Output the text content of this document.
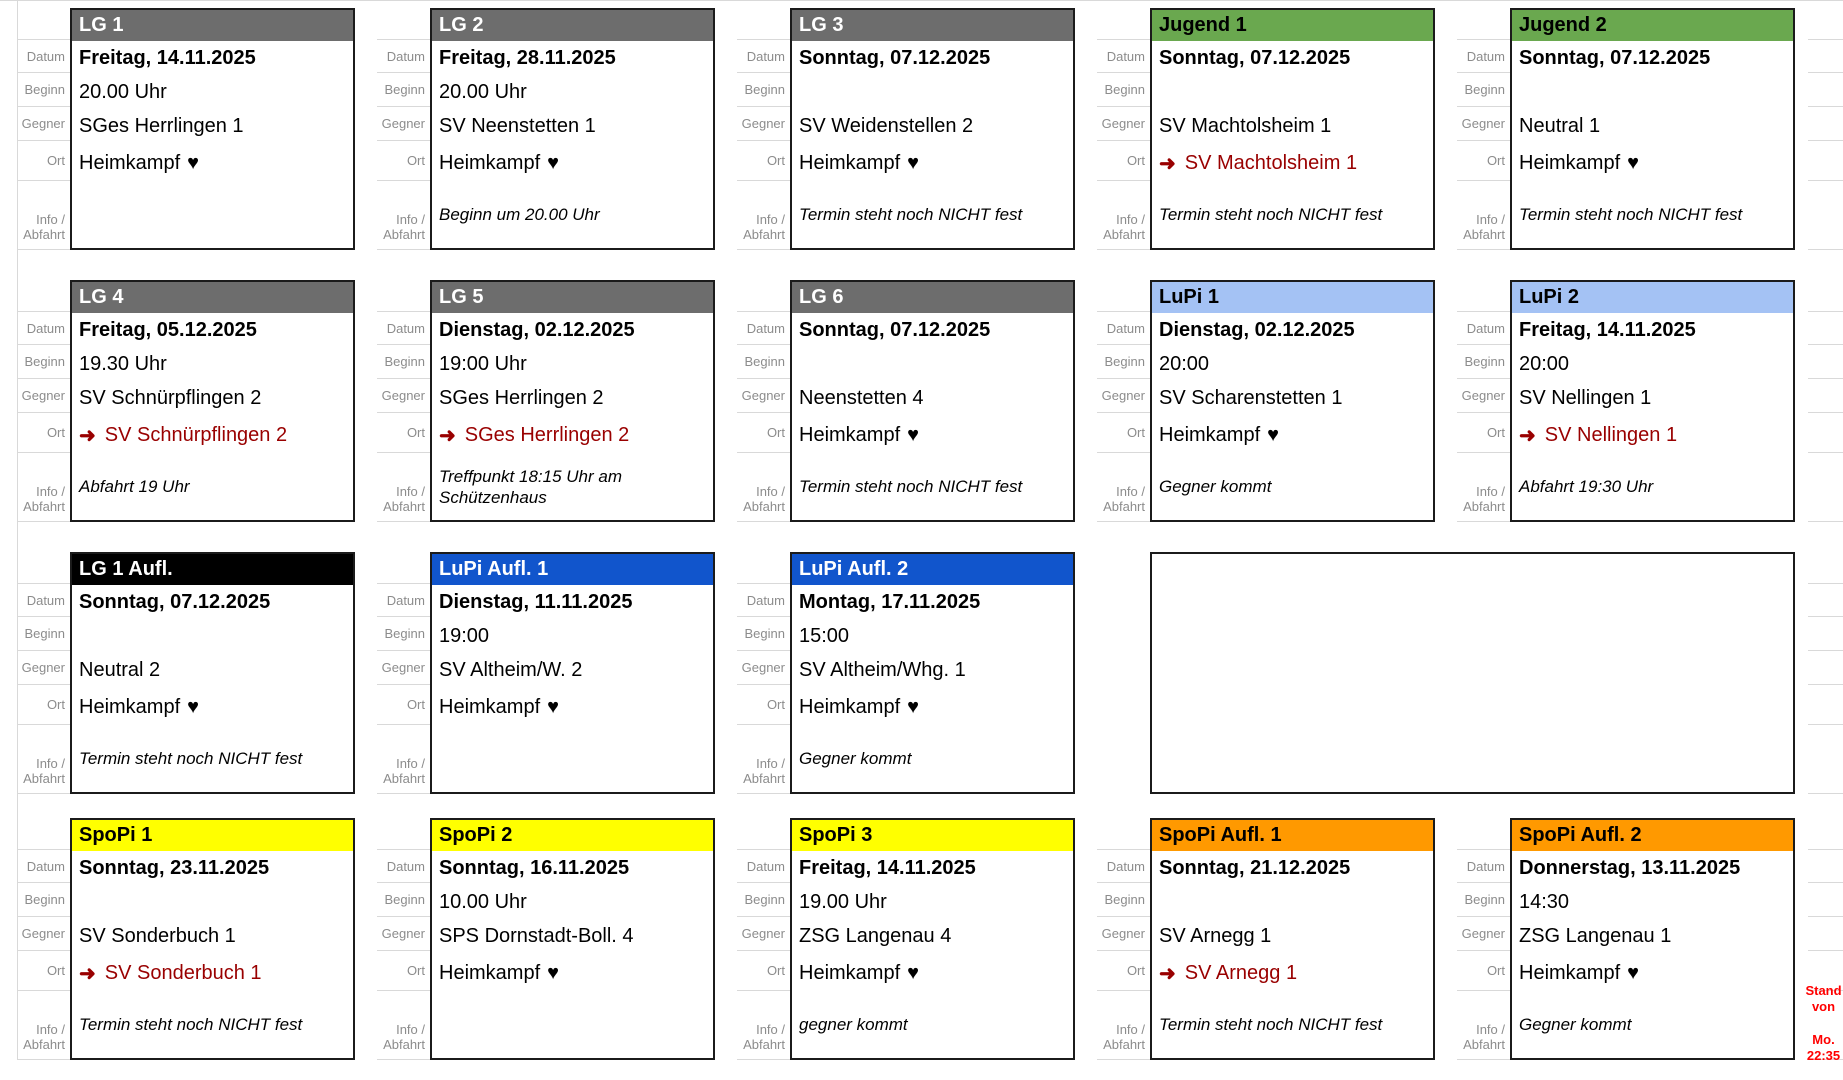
Datum
Beginn
Gegner
Ort
Info /
Abfahrt
LG 1
Freitag, 14.11.2025
20.00 Uhr
SGes Herrlingen 1
Heimkampf ♥
Datum
Beginn
Gegner
Ort
Info /
Abfahrt
LG 2
Freitag, 28.11.2025
20.00 Uhr
SV Neenstetten 1
Heimkampf ♥
Beginn um 20.00 Uhr
Datum
Beginn
Gegner
Ort
Info /
Abfahrt
LG 3
Sonntag, 07.12.2025
SV Weidenstellen 2
Heimkampf ♥
Termin steht noch NICHT fest
Datum
Beginn
Gegner
Ort
Info /
Abfahrt
Jugend 1
Sonntag, 07.12.2025
SV Machtolsheim 1
➜ SV Machtolsheim 1
Termin steht noch NICHT fest
Datum
Beginn
Gegner
Ort
Info /
Abfahrt
Jugend 2
Sonntag, 07.12.2025
Neutral 1
Heimkampf ♥
Termin steht noch NICHT fest
Datum
Beginn
Gegner
Ort
Info /
Abfahrt
LG 4
Freitag, 05.12.2025
19.30 Uhr
SV Schnürpflingen 2
➜ SV Schnürpflingen 2
Abfahrt 19 Uhr
Datum
Beginn
Gegner
Ort
Info /
Abfahrt
LG 5
Dienstag, 02.12.2025
19:00 Uhr
SGes Herrlingen 2
➜ SGes Herrlingen 2
Treffpunkt 18:15 Uhr am Schützenhaus
Datum
Beginn
Gegner
Ort
Info /
Abfahrt
LG 6
Sonntag, 07.12.2025
Neenstetten 4
Heimkampf ♥
Termin steht noch NICHT fest
Datum
Beginn
Gegner
Ort
Info /
Abfahrt
LuPi 1
Dienstag, 02.12.2025
20:00
SV Scharenstetten 1
Heimkampf ♥
Gegner kommt
Datum
Beginn
Gegner
Ort
Info /
Abfahrt
LuPi 2
Freitag, 14.11.2025
20:00
SV Nellingen 1
➜ SV Nellingen 1
Abfahrt 19:30 Uhr
Datum
Beginn
Gegner
Ort
Info /
Abfahrt
LG 1 Aufl.
Sonntag, 07.12.2025
Neutral 2
Heimkampf ♥
Termin steht noch NICHT fest
Datum
Beginn
Gegner
Ort
Info /
Abfahrt
LuPi Aufl. 1
Dienstag, 11.11.2025
19:00
SV Altheim/W. 2
Heimkampf ♥
Datum
Beginn
Gegner
Ort
Info /
Abfahrt
LuPi Aufl. 2
Montag, 17.11.2025
15:00
SV Altheim/Whg. 1
Heimkampf ♥
Gegner kommt
Datum
Beginn
Gegner
Ort
Info /
Abfahrt
SpoPi 1
Sonntag, 23.11.2025
SV Sonderbuch 1
➜ SV Sonderbuch 1
Termin steht noch NICHT fest
Datum
Beginn
Gegner
Ort
Info /
Abfahrt
SpoPi 2
Sonntag, 16.11.2025
10.00 Uhr
SPS Dornstadt-Boll. 4
Heimkampf ♥
Datum
Beginn
Gegner
Ort
Info /
Abfahrt
SpoPi 3
Freitag, 14.11.2025
19.00 Uhr
ZSG Langenau 4
Heimkampf ♥
gegner kommt
Datum
Beginn
Gegner
Ort
Info /
Abfahrt
SpoPi Aufl. 1
Sonntag, 21.12.2025
SV Arnegg 1
➜ SV Arnegg 1
Termin steht noch NICHT fest
Datum
Beginn
Gegner
Ort
Info /
Abfahrt
SpoPi Aufl. 2
Donnerstag, 13.11.2025
14:30
ZSG Langenau 1
Heimkampf ♥
Gegner kommt
Stand
von
Mo.
22:35
